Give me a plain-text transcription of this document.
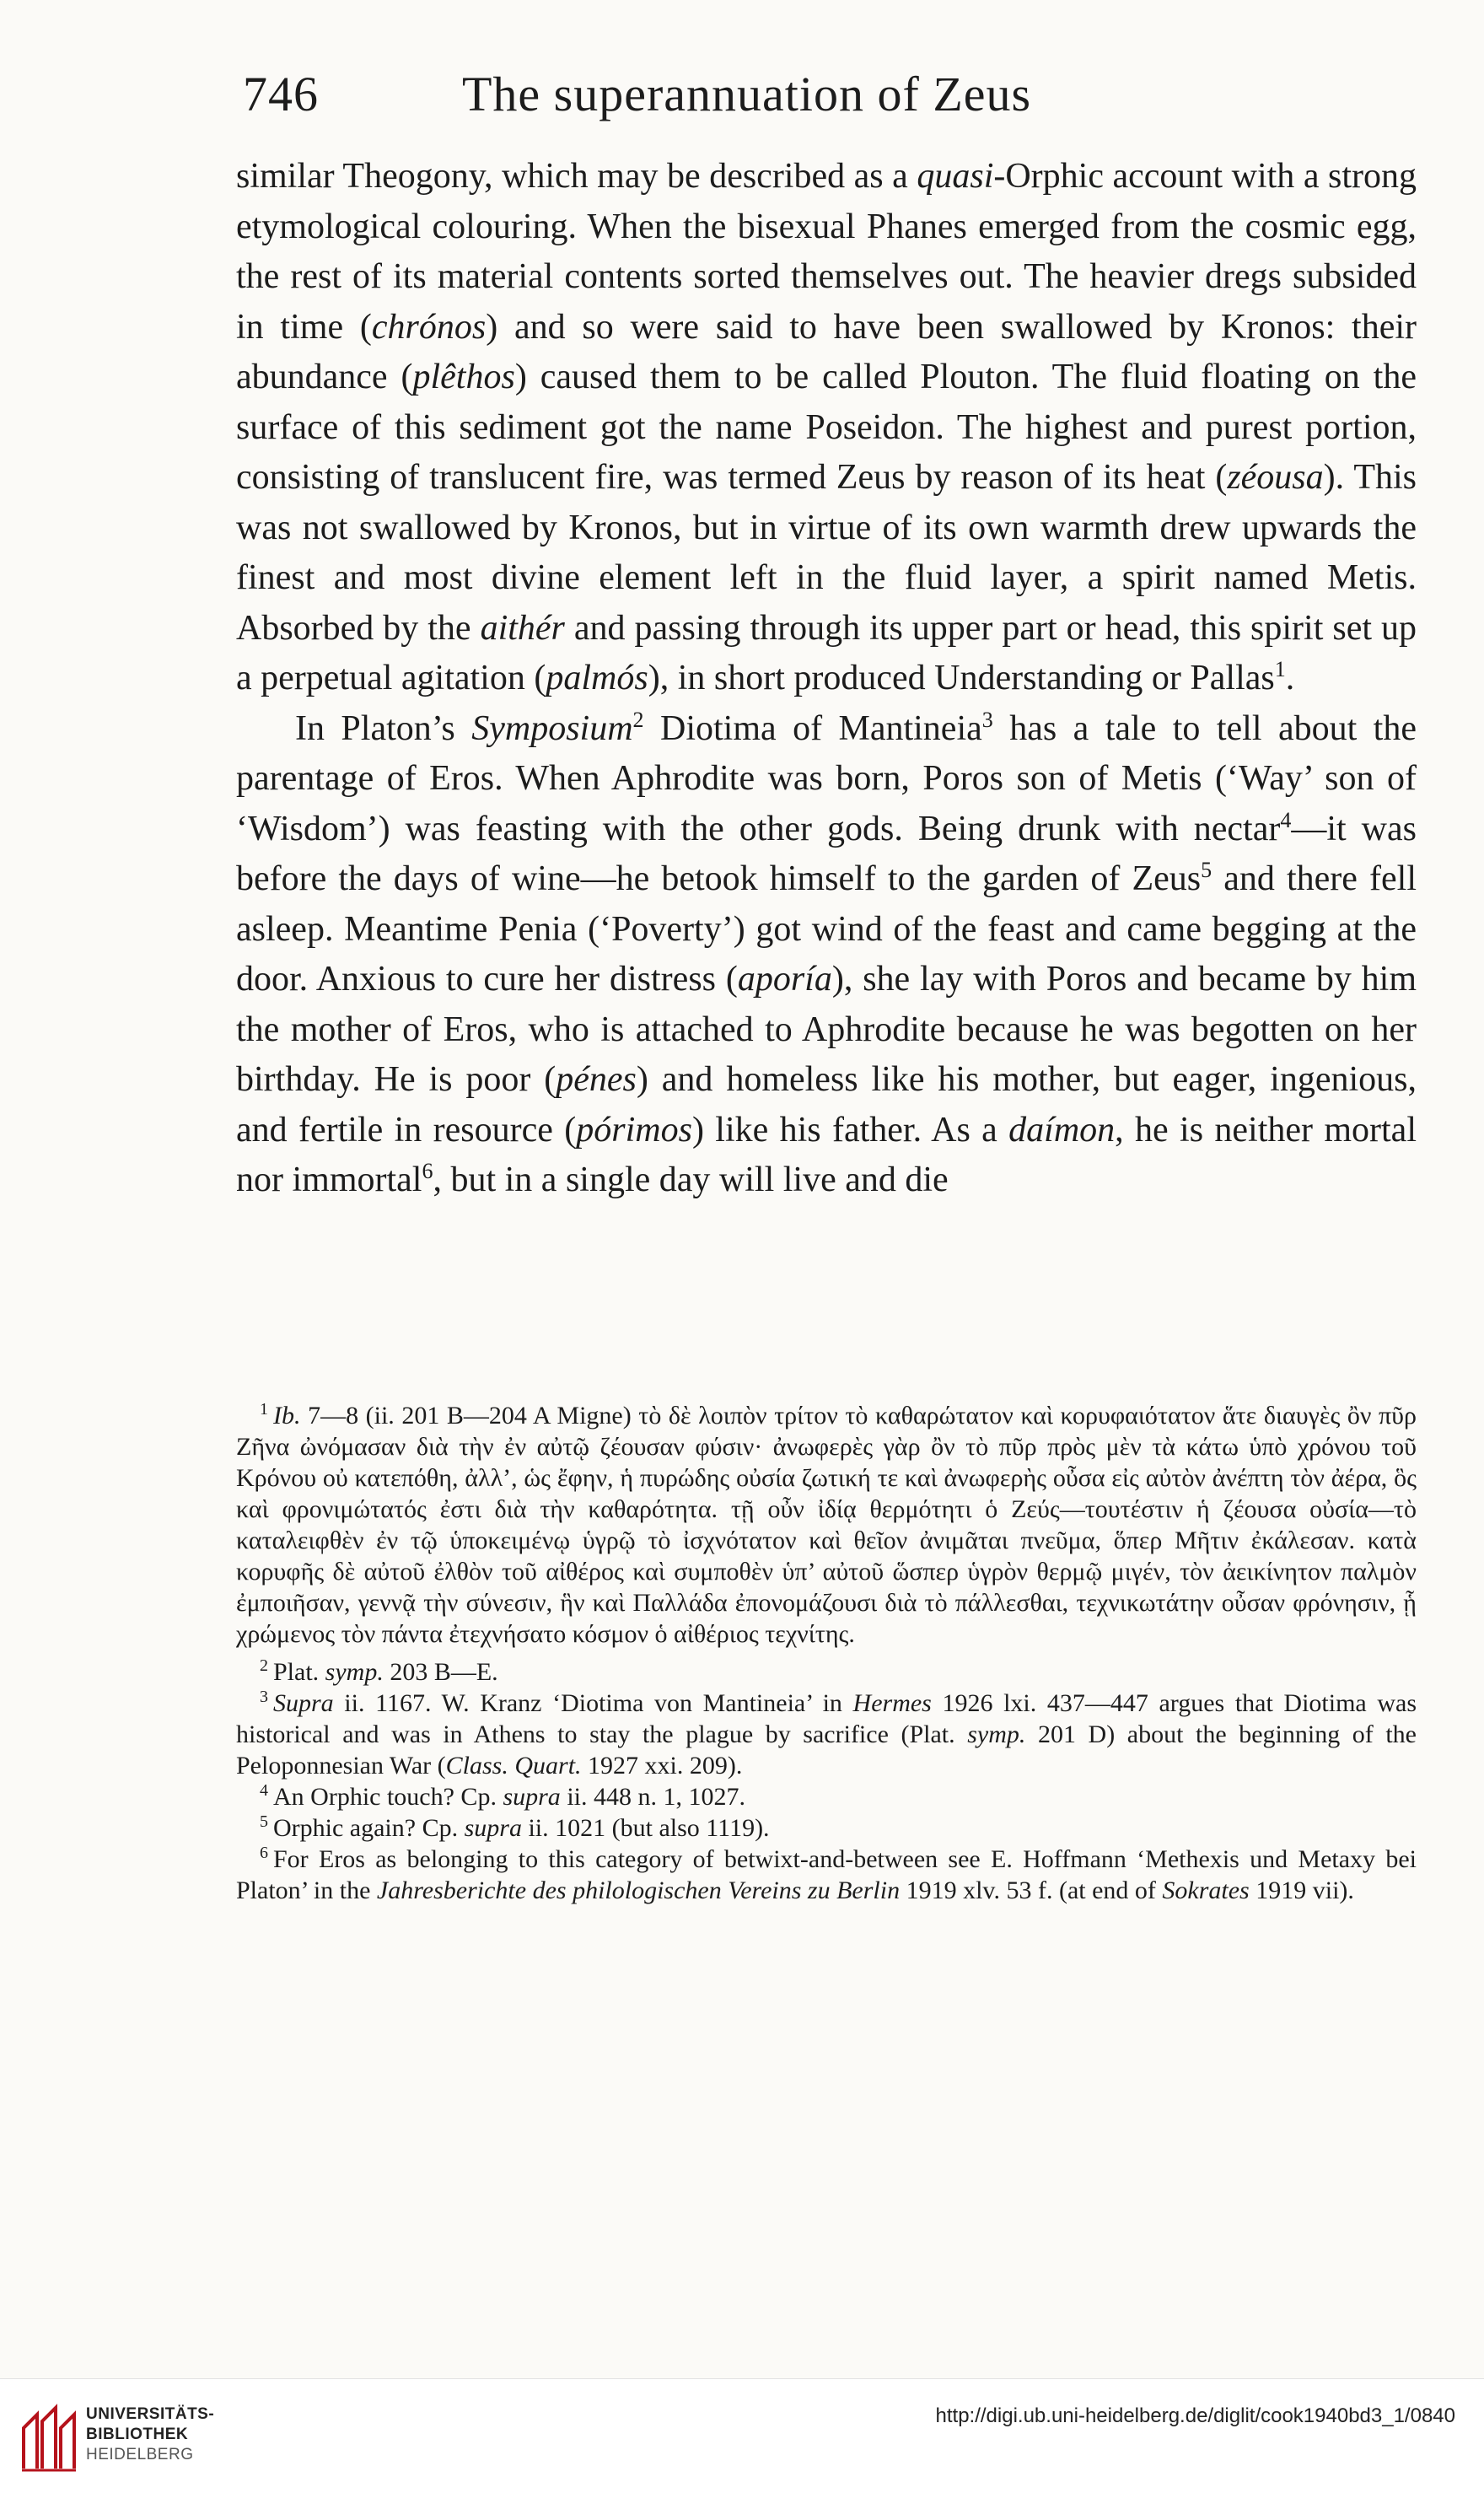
746	The superannuation of Zeus

similar Theogony, which may be described as a quasi-Orphic account with a strong etymological colouring. When the bisexual Phanes emerged from the cosmic egg, the rest of its material contents sorted themselves out. The heavier dregs subsided in time (chrónos) and so were said to have been swallowed by Kronos: their abundance (plêthos) caused them to be called Plouton. The fluid floating on the surface of this sediment got the name Poseidon. The highest and purest portion, consisting of translucent fire, was termed Zeus by reason of its heat (zéousa). This was not swallowed by Kronos, but in virtue of its own warmth drew upwards the finest and most divine element left in the fluid layer, a spirit named Metis. Absorbed by the aithér and passing through its upper part or head, this spirit set up a perpetual agitation (palmós), in short produced Understanding or Pallas$^1$.

In Platon’s Symposium$^2$ Diotima of Mantineia$^3$ has a tale to tell about the parentage of Eros. When Aphrodite was born, Poros son of Metis (‘Way’ son of ‘Wisdom’) was feasting with the other gods. Being drunk with nectar$^4$—it was before the days of wine—he betook himself to the garden of Zeus$^5$ and there fell asleep. Meantime Penia (‘Poverty’) got wind of the feast and came begging at the door. Anxious to cure her distress (aporía), she lay with Poros and became by him the mother of Eros, who is attached to Aphrodite because he was begotten on her birthday. He is poor (pénes) and homeless like his mother, but eager, ingenious, and fertile in resource (pórimos) like his father. As a daímon, he is neither mortal nor immortal$^6$, but in a single day will live and die

$^1$ Ib. 7—8 (ii. 201 B—204 A Migne) τὸ δὲ λοιπὸν τρίτον τὸ καθαρώτατον καὶ κορυφαιότατον ἅτε διαυγὲς ὂν πῦρ Ζῆνα ὠνόμασαν διὰ τὴν ἐν αὐτῷ ζέουσαν φύσιν· ἀνωφερὲς γὰρ ὂν τὸ πῦρ πρὸς μὲν τὰ κάτω ὑπὸ χρόνου τοῦ Κρόνου οὐ κατεπόθη, ἀλλ’, ὡς ἔφην, ἡ πυρώδης οὐσία ζωτική τε καὶ ἀνωφερὴς οὖσα εἰς αὐτὸν ἀνέπτη τὸν ἀέρα, ὃς καὶ φρονιμώτατός ἐστι διὰ τὴν καθαρότητα. τῇ οὖν ἰδίᾳ θερμότητι ὁ Ζεύς—τουτέστιν ἡ ζέουσα οὐσία—τὸ καταλειφθὲν ἐν τῷ ὑποκειμένῳ ὑγρῷ τὸ ἰσχνότατον καὶ θεῖον ἀνιμᾶται πνεῦμα, ὅπερ Μῆτιν ἐκάλεσαν. κατὰ κορυφῆς δὲ αὐτοῦ ἐλθὸν τοῦ αἰθέρος καὶ συμποθὲν ὑπ’ αὐτοῦ ὥσπερ ὑγρὸν θερμῷ μιγέν, τὸν ἀεικίνητον παλμὸν ἐμποιῆσαν, γεννᾷ τὴν σύνεσιν, ἣν καὶ Παλλάδα ἐπονομάζουσι διὰ τὸ πάλλεσθαι, τεχνικωτάτην οὖσαν φρόνησιν, ᾗ χρώμενος τὸν πάντα ἐτεχνήσατο κόσμον ὁ αἰθέριος τεχνίτης.

$^2$ Plat. symp. 203 B—E.

$^3$ Supra ii. 1167. W. Kranz ‘Diotima von Mantineia’ in Hermes 1926 lxi. 437—447 argues that Diotima was historical and was in Athens to stay the plague by sacrifice (Plat. symp. 201 D) about the beginning of the Peloponnesian War (Class. Quart. 1927 xxi. 209).

$^4$ An Orphic touch? Cp. supra ii. 448 n. 1, 1027.

$^5$ Orphic again? Cp. supra ii. 1021 (but also 1119).

$^6$ For Eros as belonging to this category of betwixt-and-between see E. Hoffmann ‘Methexis und Metaxy bei Platon’ in the Jahresberichte des philologischen Vereins zu Berlin 1919 xlv. 53 f. (at end of Sokrates 1919 vii).

UNIVERSITÄTS-
BIBLIOTHEK
HEIDELBERG
http://digi.ub.uni-heidelberg.de/diglit/cook1940bd3_1/0840
